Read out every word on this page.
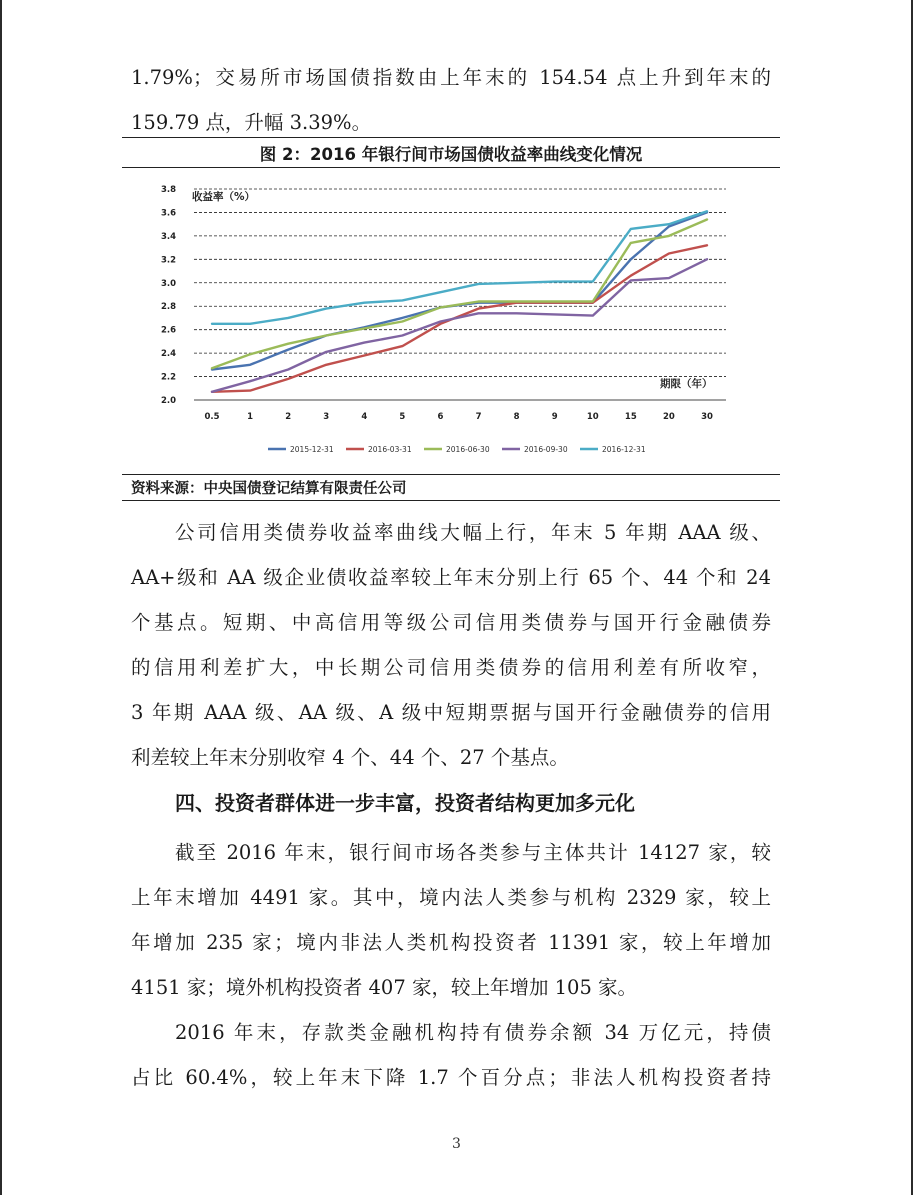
1.79%；交易所市场国债指数由上年末的 154.54 点上升到年末的
159.79 点，升幅 3.39%。
图 2：2016 年银行间市场国债收益率曲线变化情况
2.0
2.2
2.4
2.6
2.8
3.0
3.2
3.4
3.6
3.8
0.5	1	2	3	4	5	6	7	8	9	10	15	20	30
2015-12-31	2016-03-31	2016-06-30	2016-09-30	2016-12-31
收益率（%）
期限（年）
资料来源：中央国债登记结算有限责任公司
公司信用类债券收益率曲线大幅上行，年末 5 年期 AAA 级、
AA+级和 AA 级企业债收益率较上年末分别上行 65 个、44 个和 24
个基点。短期、中高信用等级公司信用类债券与国开行金融债券
的信用利差扩大，中长期公司信用类债券的信用利差有所收窄，
3 年期 AAA 级、AA 级、A 级中短期票据与国开行金融债券的信用
利差较上年末分别收窄 4 个、44 个、27 个基点。
四、投资者群体进一步丰富，投资者结构更加多元化
截至 2016 年末，银行间市场各类参与主体共计 14127 家，较
上年末增加 4491 家。其中，境内法人类参与机构 2329 家，较上
年增加 235 家；境内非法人类机构投资者 11391 家，较上年增加
4151 家；境外机构投资者 407 家，较上年增加 105 家。
2016 年末，存款类金融机构持有债券余额 34 万亿元，持债
占比 60.4%，较上年末下降 1.7 个百分点；非法人机构投资者持
3
